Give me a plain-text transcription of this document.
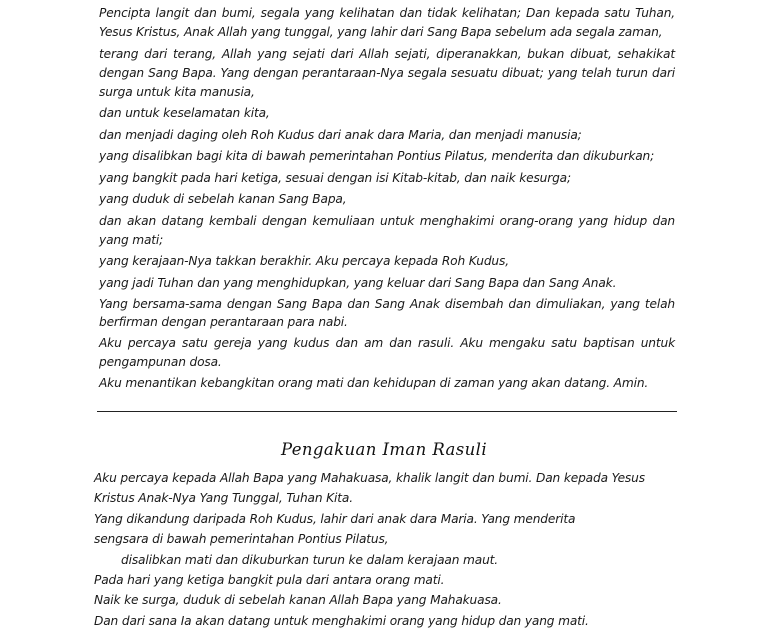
Pencipta langit dan bumi, segala yang kelihatan dan tidak kelihatan; Dan kepada satu Tuhan, Yesus Kristus, Anak Allah yang tunggal, yang lahir dari Sang Bapa sebelum ada segala zaman,

terang dari terang, Allah yang sejati dari Allah sejati, diperanakkan, bukan dibuat, sehakikat dengan Sang Bapa. Yang dengan perantaraan-Nya segala sesuatu dibuat; yang telah turun dari surga untuk kita manusia,

dan untuk keselamatan kita,

dan menjadi daging oleh Roh Kudus dari anak dara Maria, dan menjadi manusia;

yang disalibkan bagi kita di bawah pemerintahan Pontius Pilatus, menderita dan dikuburkan;

yang bangkit pada hari ketiga, sesuai dengan isi Kitab-kitab, dan naik kesurga;

yang duduk di sebelah kanan Sang Bapa,

dan akan datang kembali dengan kemuliaan untuk menghakimi orang-orang yang hidup dan yang mati;

yang kerajaan-Nya takkan berakhir. Aku percaya kepada Roh Kudus,

yang jadi Tuhan dan yang menghidupkan, yang keluar dari Sang Bapa dan Sang Anak.

Yang bersama-sama dengan Sang Bapa dan Sang Anak disembah dan dimuliakan, yang telah berfirman dengan perantaraan para nabi.

Aku percaya satu gereja yang kudus dan am dan rasuli. Aku mengaku satu baptisan untuk pengampunan dosa.

Aku menantikan kebangkitan orang mati dan kehidupan di zaman yang akan datang. Amin.

Pengakuan Iman Rasuli
Aku percaya kepada Allah Bapa yang Mahakuasa, khalik langit dan bumi. Dan kepada Yesus
Kristus Anak-Nya Yang Tunggal, Tuhan Kita.
Yang dikandung daripada Roh Kudus, lahir dari anak dara Maria. Yang menderita
sengsara di bawah pemerintahan Pontius Pilatus,
disalibkan mati dan dikuburkan turun ke dalam kerajaan maut.
Pada hari yang ketiga bangkit pula dari antara orang mati.
Naik ke surga, duduk di sebelah kanan Allah Bapa yang Mahakuasa.
Dan dari sana Ia akan datang untuk menghakimi orang yang hidup dan yang mati.
